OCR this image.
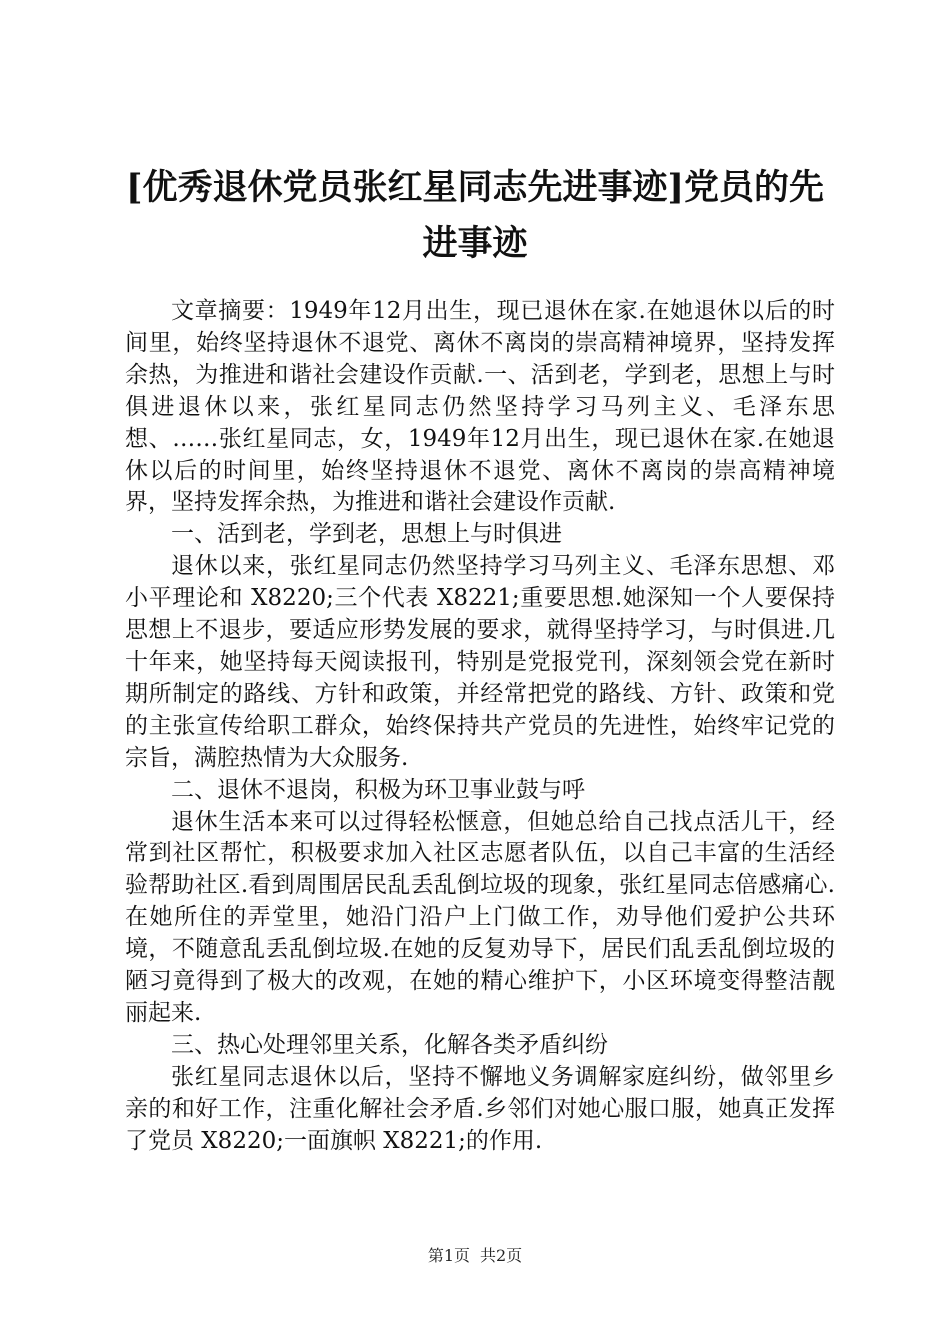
[优秀退休党员张红星同志先进事迹]党员的先
进事迹

文章摘要：1949年12月出生，现已退休在家.在她退休以后的时间里，始终坚持退休不退党、离休不离岗的崇高精神境界，坚持发挥余热，为推进和谐社会建设作贡献.一、活到老，学到老，思想上与时俱进退休以来，张红星同志仍然坚持学习马列主义、毛泽东思想、……张红星同志，女，1949年12月出生，现已退休在家.在她退休以后的时间里，始终坚持退休不退党、离休不离岗的崇高精神境界，坚持发挥余热，为推进和谐社会建设作贡献.

一、活到老，学到老，思想上与时俱进

退休以来，张红星同志仍然坚持学习马列主义、毛泽东思想、邓小平理论和 X8220;三个代表 X8221;重要思想.她深知一个人要保持思想上不退步，要适应形势发展的要求，就得坚持学习，与时俱进.几十年来，她坚持每天阅读报刊，特别是党报党刊，深刻领会党在新时期所制定的路线、方针和政策，并经常把党的路线、方针、政策和党的主张宣传给职工群众，始终保持共产党员的先进性，始终牢记党的宗旨，满腔热情为大众服务.

二、退休不退岗，积极为环卫事业鼓与呼

退休生活本来可以过得轻松惬意，但她总给自己找点活儿干，经常到社区帮忙，积极要求加入社区志愿者队伍，以自己丰富的生活经验帮助社区.看到周围居民乱丢乱倒垃圾的现象，张红星同志倍感痛心.在她所住的弄堂里，她沿门沿户上门做工作，劝导他们爱护公共环境，不随意乱丢乱倒垃圾.在她的反复劝导下，居民们乱丢乱倒垃圾的陋习竟得到了极大的改观，在她的精心维护下，小区环境变得整洁靓丽起来.

三、热心处理邻里关系，化解各类矛盾纠纷

张红星同志退休以后，坚持不懈地义务调解家庭纠纷，做邻里乡亲的和好工作，注重化解社会矛盾.乡邻们对她心服口服，她真正发挥了党员 X8220;一面旗帜 X8221;的作用.

第1页 共2页
